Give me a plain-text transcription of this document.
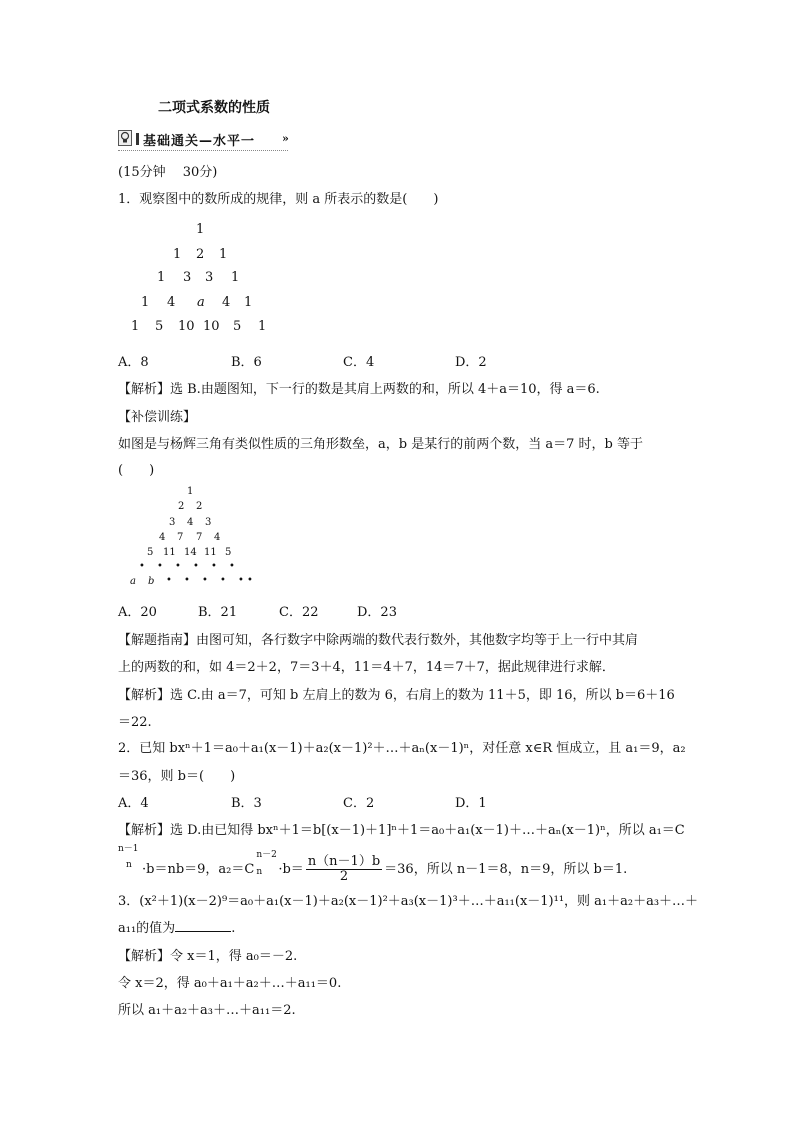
二项式系数的性质
基础通关—水平一 »
(15分钟　 30分)
1．观察图中的数所成的规律，则 a 所表示的数是(　　)
1
1 2 1
1 3 3 1
1 4 a 4 1
1 5 10 10 5 1
A．8	B．6	C．4	D．2
【解析】选 B.由题图知，下一行的数是其肩上两数的和，所以 4＋a＝10，得 a＝6.
【补偿训练】
如图是与杨辉三角有类似性质的三角形数垒，a，b 是某行的前两个数，当 a＝7 时，b 等于
(　　)
1
2 2
3 4 3
4 7 7 4
5 11 14 11 5
• • • • • •
a b • • • • • •
A．20	B．21	C．22	D．23
【解题指南】由图可知，各行数字中除两端的数代表行数外，其他数字均等于上一行中其肩
上的两数的和，如 4＝2＋2，7＝3＋4，11＝4＋7，14＝7＋7，据此规律进行求解．
【解析】选 C.由 a＝7，可知 b 左肩上的数为 6，右肩上的数为 11＋5，即 16，所以 b＝6＋16
＝22.
2．已知 bxⁿ＋1＝a₀＋a₁(x－1)＋a₂(x－1)²＋…＋aₙ(x－1)ⁿ，对任意 x∈R 恒成立，且 a₁＝9，a₂
＝36，则 b＝(　　)
A．4	B．3	C．2	D．1
【解析】选 D.由已知得 bxⁿ＋1＝b[(x－1)＋1]ⁿ＋1＝a₀＋a₁(x－1)＋…＋aₙ(x－1)ⁿ，所以 a₁＝C
n－1
n ·b＝nb＝9，a₂＝C
n－2
$n \cdot b= \frac{n(n-1)b}{2} =36$，所以 n－1＝8，n＝9，所以 b＝1.
3．(x²＋1)(x－2)⁹＝a₀＋a₁(x－1)＋a₂(x－1)²＋a₃(x－1)³＋…＋a₁₁(x－1)¹¹，则 a₁＋a₂＋a₃＋…＋
a₁₁的值为	.
【解析】令 x＝1，得 a₀＝－2.
令 x＝2，得 a₀＋a₁＋a₂＋…＋a₁₁＝0.
所以 a₁＋a₂＋a₃＋…＋a₁₁＝2.
